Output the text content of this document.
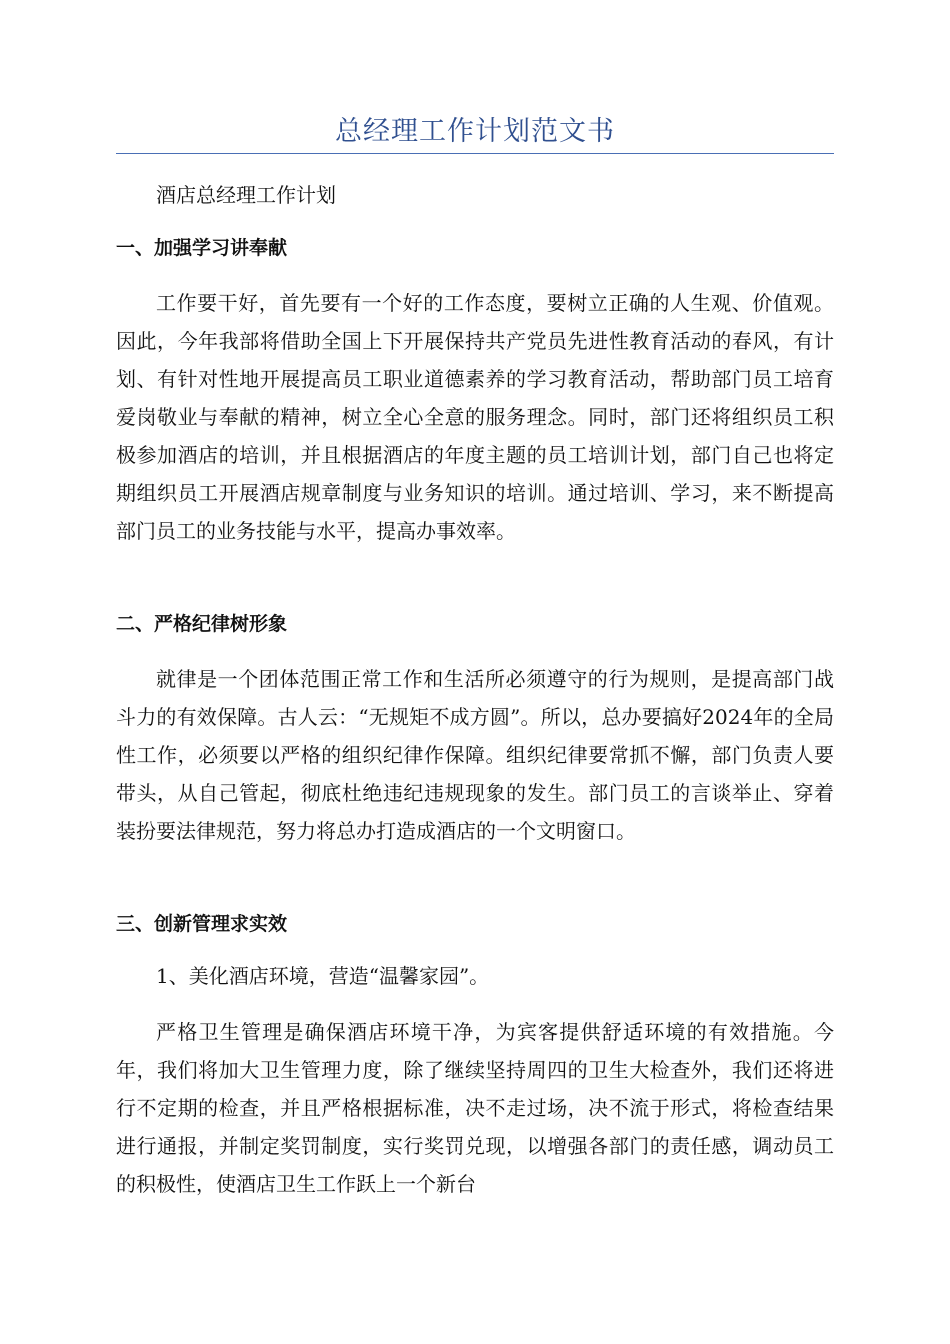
总经理工作计划范文书

酒店总经理工作计划

一、加强学习讲奉献

工作要干好，首先要有一个好的工作态度，要树立正确的人生观、价值观。因此，今年我部将借助全国上下开展保持共产党员先进性教育活动的春风，有计划、有针对性地开展提高员工职业道德素养的学习教育活动，帮助部门员工培育爱岗敬业与奉献的精神，树立全心全意的服务理念。同时，部门还将组织员工积极参加酒店的培训，并且根据酒店的年度主题的员工培训计划，部门自己也将定期组织员工开展酒店规章制度与业务知识的培训。通过培训、学习，来不断提高部门员工的业务技能与水平，提高办事效率。

二、严格纪律树形象

就律是一个团体范围正常工作和生活所必须遵守的行为规则，是提高部门战斗力的有效保障。古人云：“无规矩不成方圆”。所以，总办要搞好2024年的全局性工作，必须要以严格的组织纪律作保障。组织纪律要常抓不懈，部门负责人要带头，从自己管起，彻底杜绝违纪违规现象的发生。部门员工的言谈举止、穿着装扮要法律规范，努力将总办打造成酒店的一个文明窗口。

三、创新管理求实效

1、美化酒店环境，营造“温馨家园”。

严格卫生管理是确保酒店环境干净，为宾客提供舒适环境的有效措施。今年，我们将加大卫生管理力度，除了继续坚持周四的卫生大检查外，我们还将进行不定期的检查，并且严格根据标准，决不走过场，决不流于形式，将检查结果进行通报，并制定奖罚制度，实行奖罚兑现，以增强各部门的责任感，调动员工的积极性，使酒店卫生工作跃上一个新台
